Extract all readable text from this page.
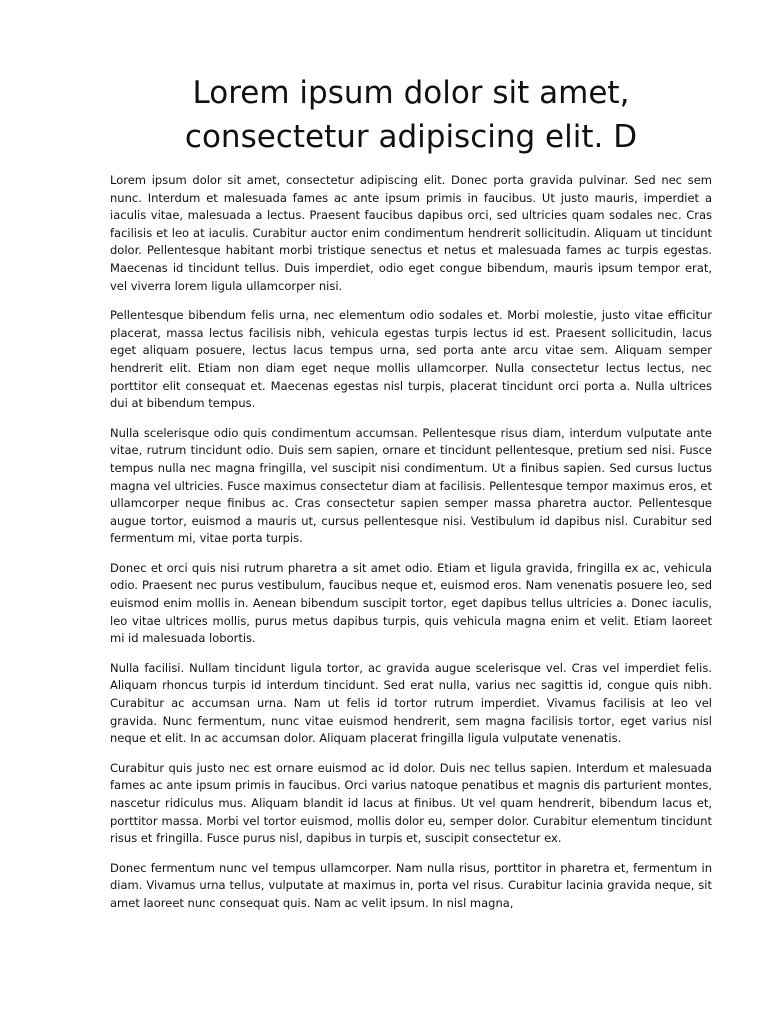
Lorem ipsum dolor sit amet,
consectetur adipiscing elit. D

Lorem ipsum dolor sit amet, consectetur adipiscing elit. Donec porta gravida pulvinar. Sed nec sem nunc. Interdum et malesuada fames ac ante ipsum primis in faucibus. Ut justo mauris, imperdiet a iaculis vitae, malesuada a lectus. Praesent faucibus dapibus orci, sed ultricies quam sodales nec. Cras facilisis et leo at iaculis. Curabitur auctor enim condimentum hendrerit sollicitudin. Aliquam ut tincidunt dolor. Pellentesque habitant morbi tristique senectus et netus et malesuada fames ac turpis egestas. Maecenas id tincidunt tellus. Duis imperdiet, odio eget congue bibendum, mauris ipsum tempor erat, vel viverra lorem ligula ullamcorper nisi.

Pellentesque bibendum felis urna, nec elementum odio sodales et. Morbi molestie, justo vitae efficitur placerat, massa lectus facilisis nibh, vehicula egestas turpis lectus id est. Praesent sollicitudin, lacus eget aliquam posuere, lectus lacus tempus urna, sed porta ante arcu vitae sem. Aliquam semper hendrerit elit. Etiam non diam eget neque mollis ullamcorper. Nulla consectetur lectus lectus, nec porttitor elit consequat et. Maecenas egestas nisl turpis, placerat tincidunt orci porta a. Nulla ultrices dui at bibendum tempus.

Nulla scelerisque odio quis condimentum accumsan. Pellentesque risus diam, interdum vulputate ante vitae, rutrum tincidunt odio. Duis sem sapien, ornare et tincidunt pellentesque, pretium sed nisi. Fusce tempus nulla nec magna fringilla, vel suscipit nisi condimentum. Ut a finibus sapien. Sed cursus luctus magna vel ultricies. Fusce maximus consectetur diam at facilisis. Pellentesque tempor maximus eros, et ullamcorper neque finibus ac. Cras consectetur sapien semper massa pharetra auctor. Pellentesque augue tortor, euismod a mauris ut, cursus pellentesque nisi. Vestibulum id dapibus nisl. Curabitur sed fermentum mi, vitae porta turpis.

Donec et orci quis nisi rutrum pharetra a sit amet odio. Etiam et ligula gravida, fringilla ex ac, vehicula odio. Praesent nec purus vestibulum, faucibus neque et, euismod eros. Nam venenatis posuere leo, sed euismod enim mollis in. Aenean bibendum suscipit tortor, eget dapibus tellus ultricies a. Donec iaculis, leo vitae ultrices mollis, purus metus dapibus turpis, quis vehicula magna enim et velit. Etiam laoreet mi id malesuada lobortis.

Nulla facilisi. Nullam tincidunt ligula tortor, ac gravida augue scelerisque vel. Cras vel imperdiet felis. Aliquam rhoncus turpis id interdum tincidunt. Sed erat nulla, varius nec sagittis id, congue quis nibh. Curabitur ac accumsan urna. Nam ut felis id tortor rutrum imperdiet. Vivamus facilisis at leo vel gravida. Nunc fermentum, nunc vitae euismod hendrerit, sem magna facilisis tortor, eget varius nisl neque et elit. In ac accumsan dolor. Aliquam placerat fringilla ligula vulputate venenatis.

Curabitur quis justo nec est ornare euismod ac id dolor. Duis nec tellus sapien. Interdum et malesuada fames ac ante ipsum primis in faucibus. Orci varius natoque penatibus et magnis dis parturient montes, nascetur ridiculus mus. Aliquam blandit id lacus at finibus. Ut vel quam hendrerit, bibendum lacus et, porttitor massa. Morbi vel tortor euismod, mollis dolor eu, semper dolor. Curabitur elementum tincidunt risus et fringilla. Fusce purus nisl, dapibus in turpis et, suscipit consectetur ex.

Donec fermentum nunc vel tempus ullamcorper. Nam nulla risus, porttitor in pharetra et, fermentum in diam. Vivamus urna tellus, vulputate at maximus in, porta vel risus. Curabitur lacinia gravida neque, sit amet laoreet nunc consequat quis. Nam ac velit ipsum. In nisl magna,
